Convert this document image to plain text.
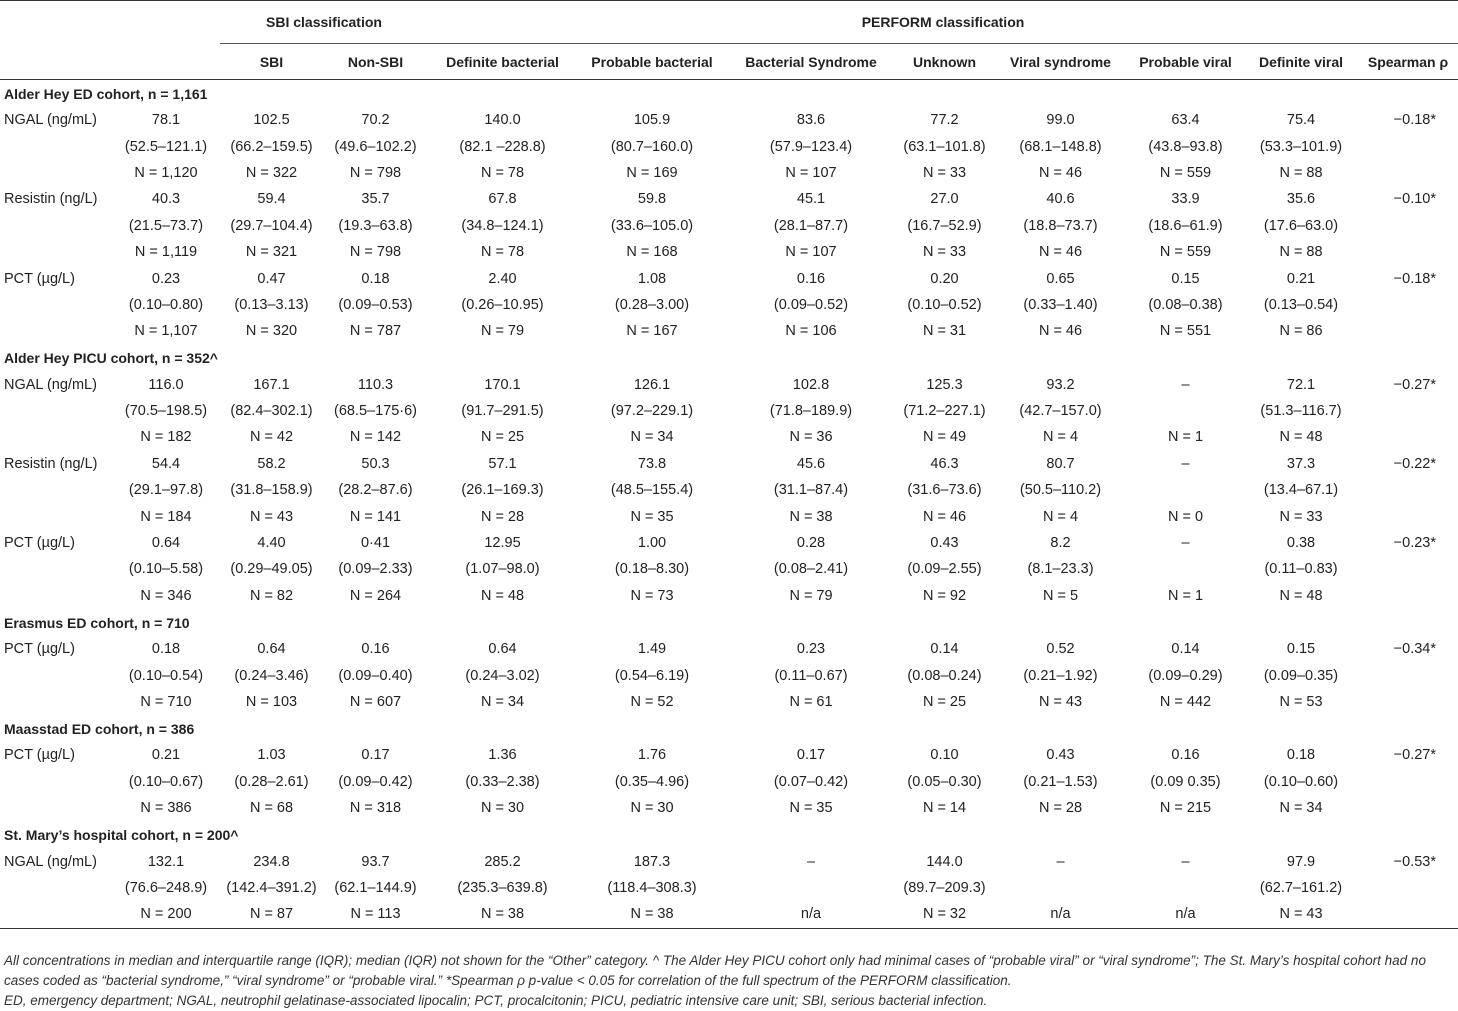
		SBI classification		PERFORM classification							
		SBI	Non-SBI	Definite bacterial	Probable bacterial	Bacterial Syndrome	Unknown	Viral syndrome	Probable viral	Definite viral	Spearman ρ
Alder Hey ED cohort, n = 1,161											
NGAL (ng/mL)	78.1	102.5	70.2	140.0	105.9	83.6	77.2	99.0	63.4	75.4	−0.18*
	(52.5–121.1)	(66.2–159.5)	(49.6–102.2)	(82.1 –228.8)	(80.7–160.0)	(57.9–123.4)	(63.1–101.8)	(68.1–148.8)	(43.8–93.8)	(53.3–101.9)	
	N = 1,120	N = 322	N = 798	N = 78	N = 169	N = 107	N = 33	N = 46	N = 559	N = 88	
Resistin (ng/L)	40.3	59.4	35.7	67.8	59.8	45.1	27.0	40.6	33.9	35.6	−0.10*
	(21.5–73.7)	(29.7–104.4)	(19.3–63.8)	(34.8–124.1)	(33.6–105.0)	(28.1–87.7)	(16.7–52.9)	(18.8–73.7)	(18.6–61.9)	(17.6–63.0)	
	N = 1,119	N = 321	N = 798	N = 78	N = 168	N = 107	N = 33	N = 46	N = 559	N = 88	
PCT (µg/L)	0.23	0.47	0.18	2.40	1.08	0.16	0.20	0.65	0.15	0.21	−0.18*
	(0.10–0.80)	(0.13–3.13)	(0.09–0.53)	(0.26–10.95)	(0.28–3.00)	(0.09–0.52)	(0.10–0.52)	(0.33–1.40)	(0.08–0.38)	(0.13–0.54)	
	N = 1,107	N = 320	N = 787	N = 79	N = 167	N = 106	N = 31	N = 46	N = 551	N = 86	
Alder Hey PICU cohort, n = 352^											
NGAL (ng/mL)	116.0	167.1	110.3	170.1	126.1	102.8	125.3	93.2	–	72.1	−0.27*
	(70.5–198.5)	(82.4–302.1)	(68.5–175·6)	(91.7–291.5)	(97.2–229.1)	(71.8–189.9)	(71.2–227.1)	(42.7–157.0)		(51.3–116.7)	
	N = 182	N = 42	N = 142	N = 25	N = 34	N = 36	N = 49	N = 4	N = 1	N = 48	
Resistin (ng/L)	54.4	58.2	50.3	57.1	73.8	45.6	46.3	80.7	–	37.3	−0.22*
	(29.1–97.8)	(31.8–158.9)	(28.2–87.6)	(26.1–169.3)	(48.5–155.4)	(31.1–87.4)	(31.6–73.6)	(50.5–110.2)		(13.4–67.1)	
	N = 184	N = 43	N = 141	N = 28	N = 35	N = 38	N = 46	N = 4	N = 0	N = 33	
PCT (µg/L)	0.64	4.40	0·41	12.95	1.00	0.28	0.43	8.2	–	0.38	−0.23*
	(0.10–5.58)	(0.29–49.05)	(0.09–2.33)	(1.07–98.0)	(0.18–8.30)	(0.08–2.41)	(0.09–2.55)	(8.1–23.3)		(0.11–0.83)	
	N = 346	N = 82	N = 264	N = 48	N = 73	N = 79	N = 92	N = 5	N = 1	N = 48	
Erasmus ED cohort, n = 710											
PCT (µg/L)	0.18	0.64	0.16	0.64	1.49	0.23	0.14	0.52	0.14	0.15	−0.34*
	(0.10–0.54)	(0.24–3.46)	(0.09–0.40)	(0.24–3.02)	(0.54–6.19)	(0.11–0.67)	(0.08–0.24)	(0.21–1.92)	(0.09–0.29)	(0.09–0.35)	
	N = 710	N = 103	N = 607	N = 34	N = 52	N = 61	N = 25	N = 43	N = 442	N = 53	
Maasstad ED cohort, n = 386											
PCT (µg/L)	0.21	1.03	0.17	1.36	1.76	0.17	0.10	0.43	0.16	0.18	−0.27*
	(0.10–0.67)	(0.28–2.61)	(0.09–0.42)	(0.33–2.38)	(0.35–4.96)	(0.07–0.42)	(0.05–0.30)	(0.21–1.53)	(0.09 0.35)	(0.10–0.60)	
	N = 386	N = 68	N = 318	N = 30	N = 30	N = 35	N = 14	N = 28	N = 215	N = 34	
St. Mary’s hospital cohort, n = 200^											
NGAL (ng/mL)	132.1	234.8	93.7	285.2	187.3	–	144.0	–	–	97.9	−0.53*
	(76.6–248.9)	(142.4–391.2)	(62.1–144.9)	(235.3–639.8)	(118.4–308.3)		(89.7–209.3)			(62.7–161.2)	
	N = 200	N = 87	N = 113	N = 38	N = 38	n/a	N = 32	n/a	n/a	N = 43	
All concentrations in median and interquartile range (IQR); median (IQR) not shown for the “Other” category. ^ The Alder Hey PICU cohort only had minimal cases of “probable viral” or “viral syndrome”; The St. Mary’s hospital cohort had no cases coded as “bacterial syndrome,” “viral syndrome” or “probable viral.” *Spearman ρ p-value < 0.05 for correlation of the full spectrum of the PERFORM classification.
ED, emergency department; NGAL, neutrophil gelatinase-associated lipocalin; PCT, procalcitonin; PICU, pediatric intensive care unit; SBI, serious bacterial infection.
